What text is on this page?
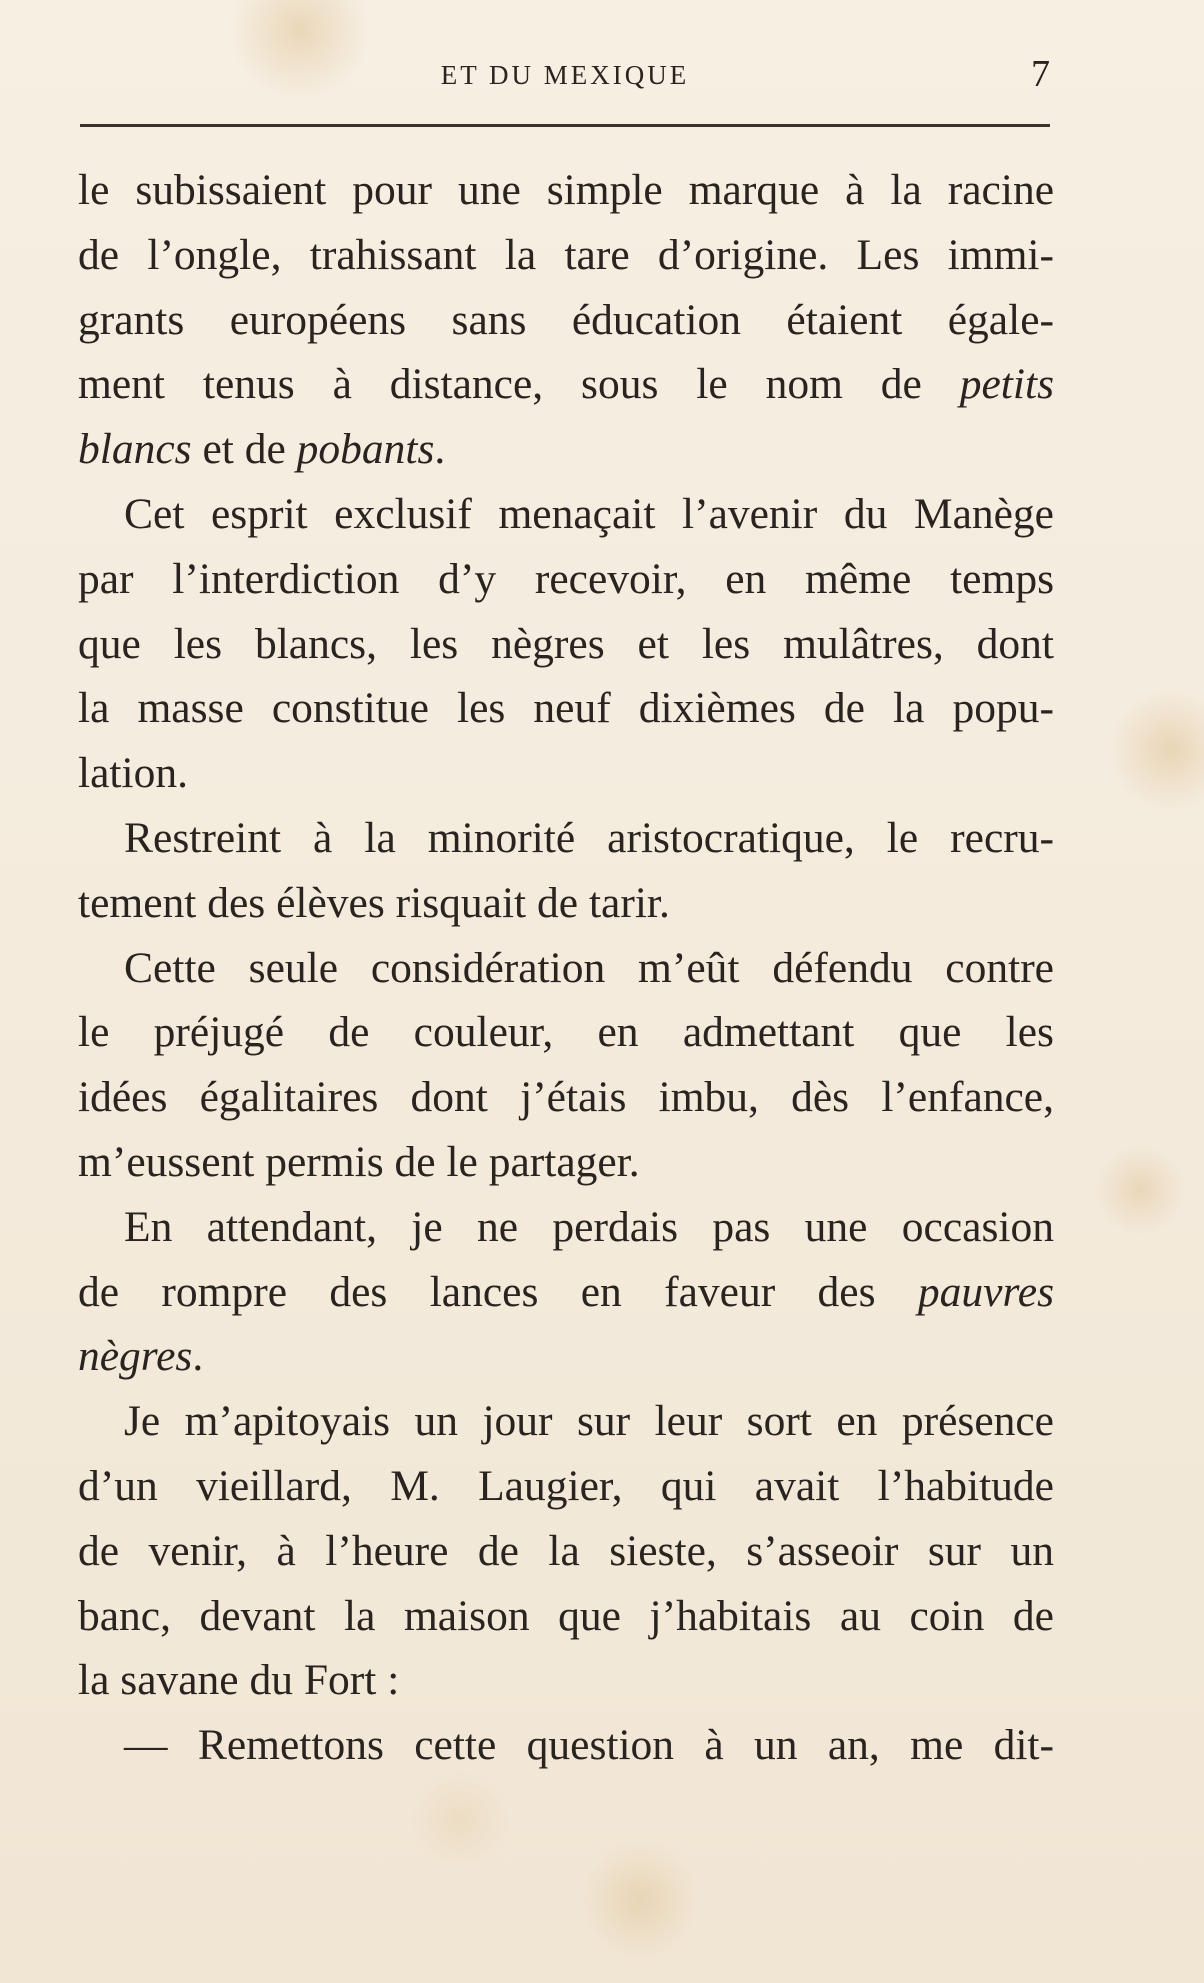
ET DU MEXIQUE	7
le subissaient pour une simple marque à la racine
de l’ongle, trahissant la tare d’origine. Les immi-
grants européens sans éducation étaient égale-
ment tenus à distance, sous le nom de petits
blancs et de pobants.
Cet esprit exclusif menaçait l’avenir du Manège
par l’interdiction d’y recevoir, en même temps
que les blancs, les nègres et les mulâtres, dont
la masse constitue les neuf dixièmes de la popu-
lation.
Restreint à la minorité aristocratique, le recru-
tement des élèves risquait de tarir.
Cette seule considération m’eût défendu contre
le préjugé de couleur, en admettant que les
idées égalitaires dont j’étais imbu, dès l’enfance,
m’eussent permis de le partager.
En attendant, je ne perdais pas une occasion
de rompre des lances en faveur des pauvres
nègres.
Je m’apitoyais un jour sur leur sort en présence
d’un vieillard, M. Laugier, qui avait l’habitude
de venir, à l’heure de la sieste, s’asseoir sur un
banc, devant la maison que j’habitais au coin de
la savane du Fort :
— Remettons cette question à un an, me dit-
